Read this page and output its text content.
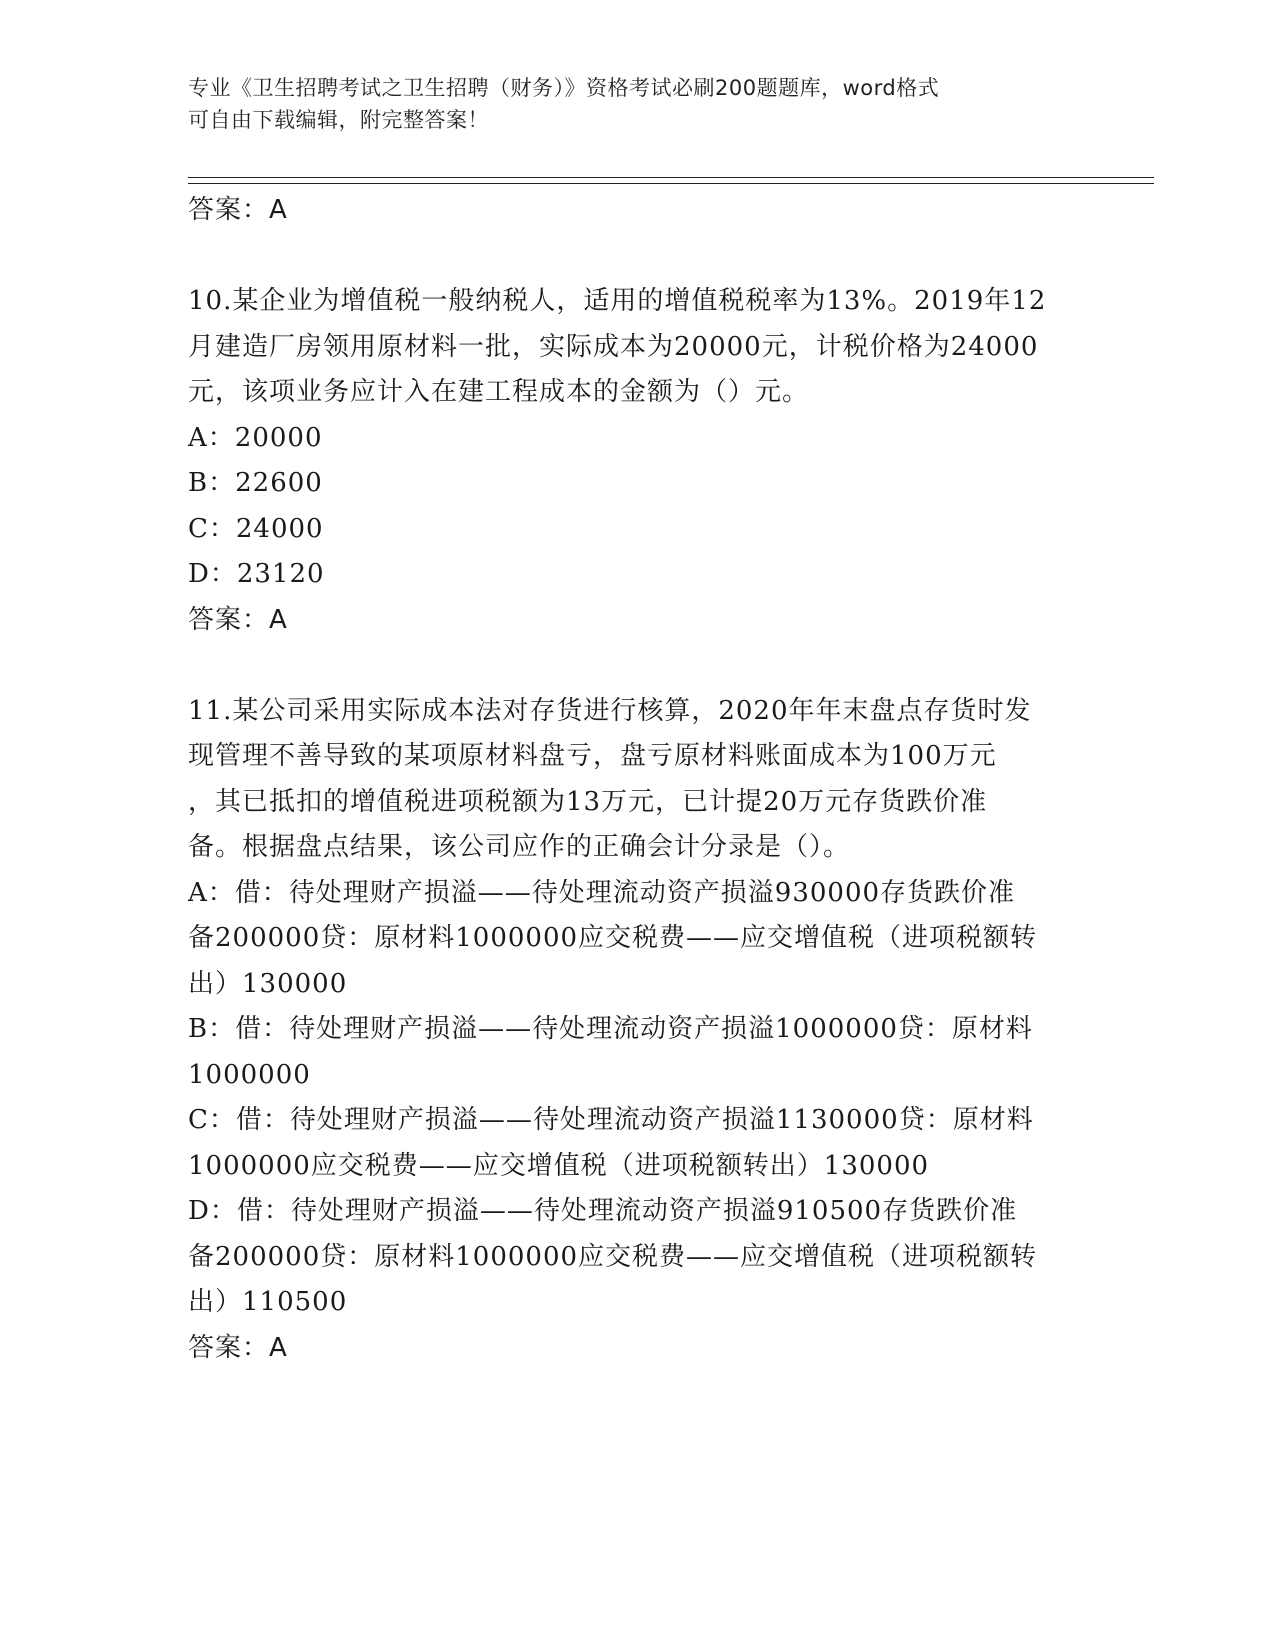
专业《卫生招聘考试之卫生招聘（财务）》资格考试必刷200题题库，word格式
可自由下载编辑，附完整答案！
答案：A
10.某企业为增值税一般纳税人，适用的增值税税率为13%。2019年12
月建造厂房领用原材料一批，实际成本为20000元，计税价格为24000
元，该项业务应计入在建工程成本的金额为（）元。
A：20000
B：22600
C：24000
D：23120
答案：A
11.某公司采用实际成本法对存货进行核算，2020年年末盘点存货时发
现管理不善导致的某项原材料盘亏，盘亏原材料账面成本为100万元
，其已抵扣的增值税进项税额为13万元，已计提20万元存货跌价准
备。根据盘点结果，该公司应作的正确会计分录是（）。
A：借：待处理财产损溢——待处理流动资产损溢930000存货跌价准
备200000贷：原材料1000000应交税费——应交增值税（进项税额转
出）130000
B：借：待处理财产损溢——待处理流动资产损溢1000000贷：原材料
1000000
C：借：待处理财产损溢——待处理流动资产损溢1130000贷：原材料
1000000应交税费——应交增值税（进项税额转出）130000
D：借：待处理财产损溢——待处理流动资产损溢910500存货跌价准
备200000贷：原材料1000000应交税费——应交增值税（进项税额转
出）110500
答案：A
